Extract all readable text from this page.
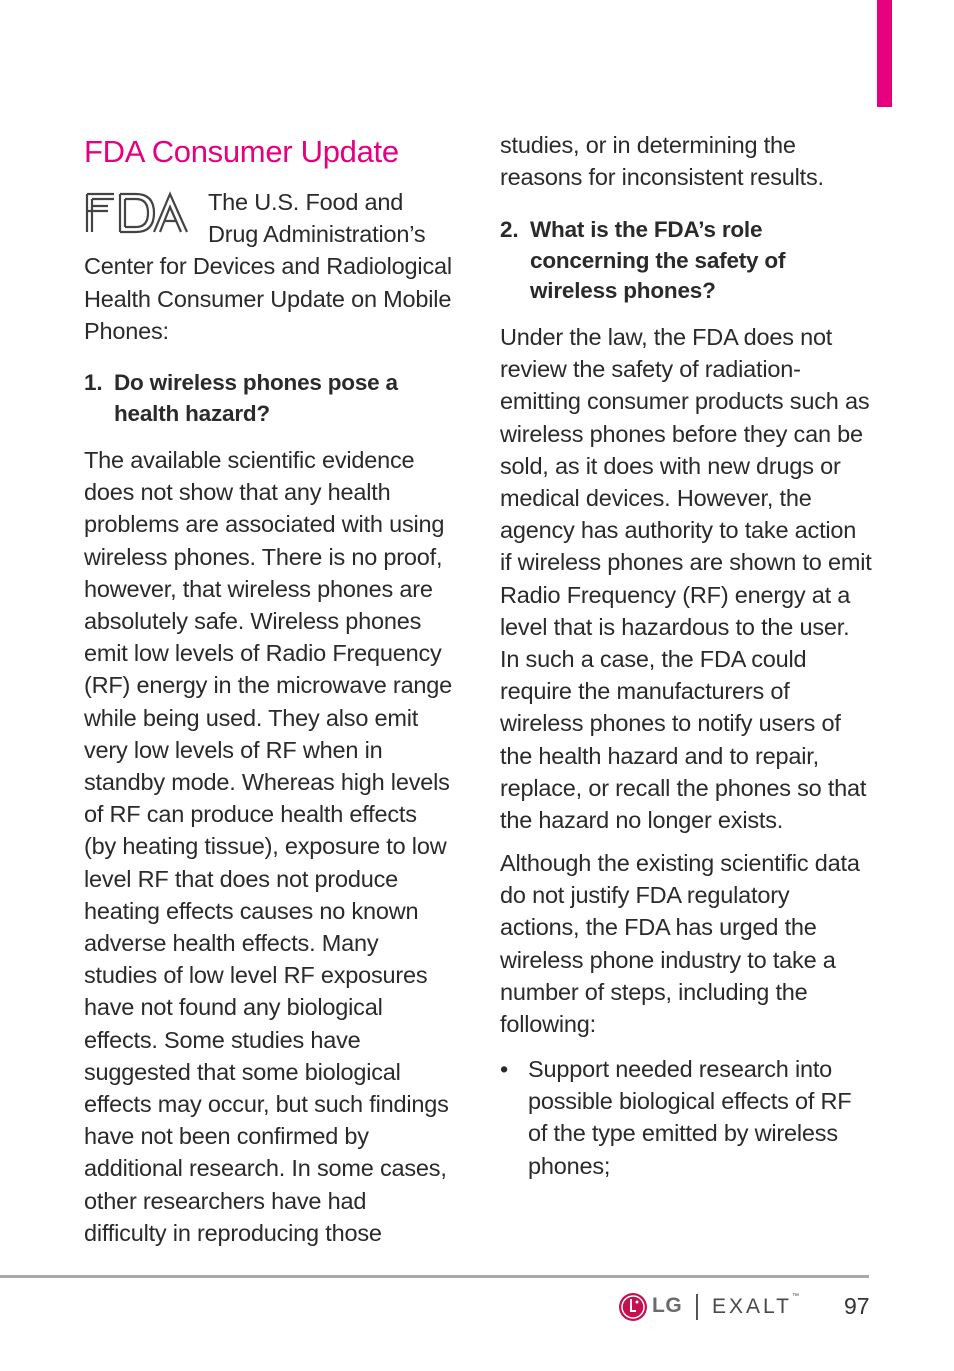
FDA Consumer Update

The U.S. Food and Drug Administration’s Center for Devices and Radiological Health Consumer Update on Mobile Phones:

1. Do wireless phones pose a health hazard?

The available scientific evidence does not show that any health problems are associated with using wireless phones. There is no proof, however, that wireless phones are absolutely safe. Wireless phones emit low levels of Radio Frequency (RF) energy in the microwave range while being used. They also emit very low levels of RF when in standby mode. Whereas high levels of RF can produce health effects (by heating tissue), exposure to low level RF that does not produce heating effects causes no known adverse health effects. Many studies of low level RF exposures have not found any biological effects. Some studies have suggested that some biological effects may occur, but such findings have not been confirmed by additional research. In some cases, other researchers have had difficulty in reproducing those

studies, or in determining the reasons for inconsistent results.

2. What is the FDA’s role concerning the safety of wireless phones?

Under the law, the FDA does not review the safety of radiation-emitting consumer products such as wireless phones before they can be sold, as it does with new drugs or medical devices. However, the agency has authority to take action if wireless phones are shown to emit Radio Frequency (RF) energy at a level that is hazardous to the user. In such a case, the FDA could require the manufacturers of wireless phones to notify users of the health hazard and to repair, replace, or recall the phones so that the hazard no longer exists.

Although the existing scientific data do not justify FDA regulatory actions, the FDA has urged the wireless phone industry to take a number of steps, including the following:

• Support needed research into possible biological effects of RF of the type emitted by wireless phones;
LG EXALT™ 97
